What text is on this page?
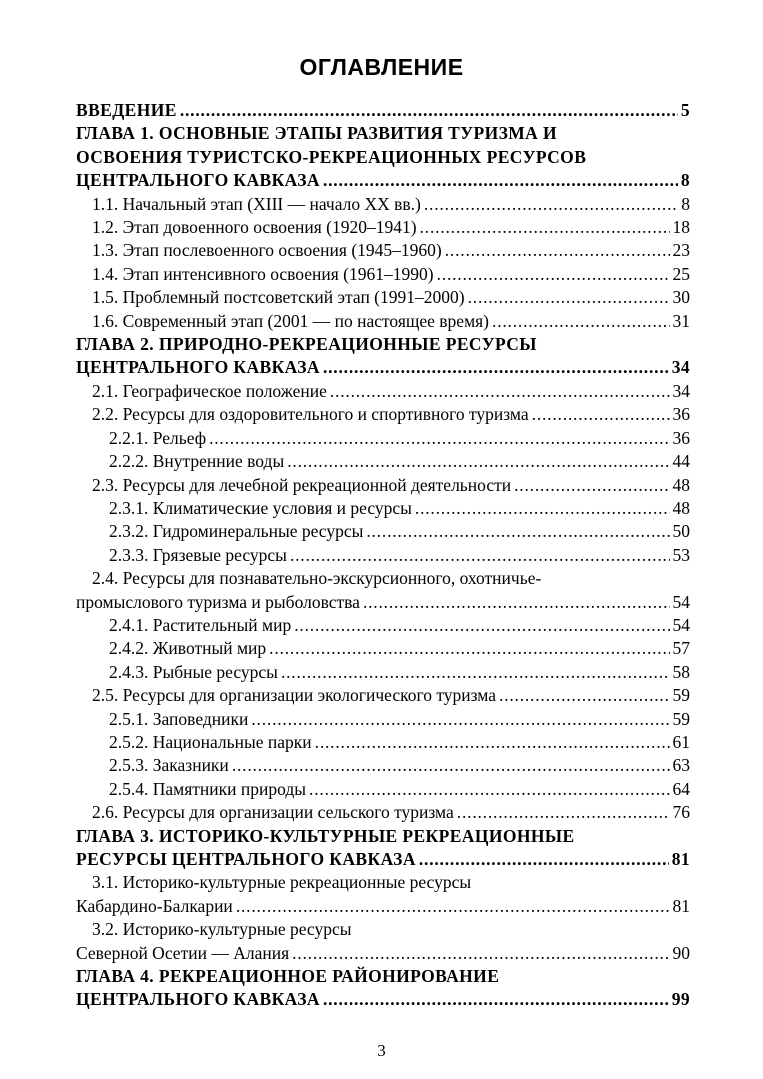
ОГЛАВЛЕНИЕ
ВВЕДЕНИЕ .....	5
ГЛАВА 1. ОСНОВНЫЕ ЭТАПЫ РАЗВИТИЯ ТУРИЗМА И
ОСВОЕНИЯ ТУРИСТСКО-РЕКРЕАЦИОННЫХ РЕСУРСОВ
ЦЕНТРАЛЬНОГО КАВКАЗА .....	8
1.1. Начальный этап (XIII — начало XX вв.) .....	8
1.2. Этап довоенного освоения (1920–1941) .....	18
1.3. Этап послевоенного освоения (1945–1960) .....	23
1.4. Этап интенсивного освоения (1961–1990) .....	25
1.5. Проблемный постсоветский этап (1991–2000) .....	30
1.6. Современный этап (2001 — по настоящее время) .....	31
ГЛАВА 2. ПРИРОДНО-РЕКРЕАЦИОННЫЕ РЕСУРСЫ
ЦЕНТРАЛЬНОГО КАВКАЗА .....	34
2.1. Географическое положение .....	34
2.2. Ресурсы для оздоровительного и спортивного туризма .....	36
2.2.1. Рельеф .....	36
2.2.2. Внутренние воды .....	44
2.3. Ресурсы для лечебной рекреационной деятельности .....	48
2.3.1. Климатические условия и ресурсы .....	48
2.3.2. Гидроминеральные ресурсы .....	50
2.3.3. Грязевые ресурсы .....	53
2.4. Ресурсы для познавательно-экскурсионного, охотничье-
промыслового туризма и рыболовства .....	54
2.4.1. Растительный мир .....	54
2.4.2. Животный мир .....	57
2.4.3. Рыбные ресурсы .....	58
2.5. Ресурсы для организации экологического туризма .....	59
2.5.1. Заповедники .....	59
2.5.2. Национальные парки .....	61
2.5.3. Заказники .....	63
2.5.4. Памятники природы .....	64
2.6. Ресурсы для организации сельского туризма .....	76
ГЛАВА 3. ИСТОРИКО-КУЛЬТУРНЫЕ РЕКРЕАЦИОННЫЕ
РЕСУРСЫ ЦЕНТРАЛЬНОГО КАВКАЗА .....	81
3.1. Историко-культурные рекреационные ресурсы
Кабардино-Балкарии .....	81
3.2. Историко-культурные ресурсы
Северной Осетии — Алания .....	90
ГЛАВА 4. РЕКРЕАЦИОННОЕ РАЙОНИРОВАНИЕ
ЦЕНТРАЛЬНОГО КАВКАЗА .....	99
3
